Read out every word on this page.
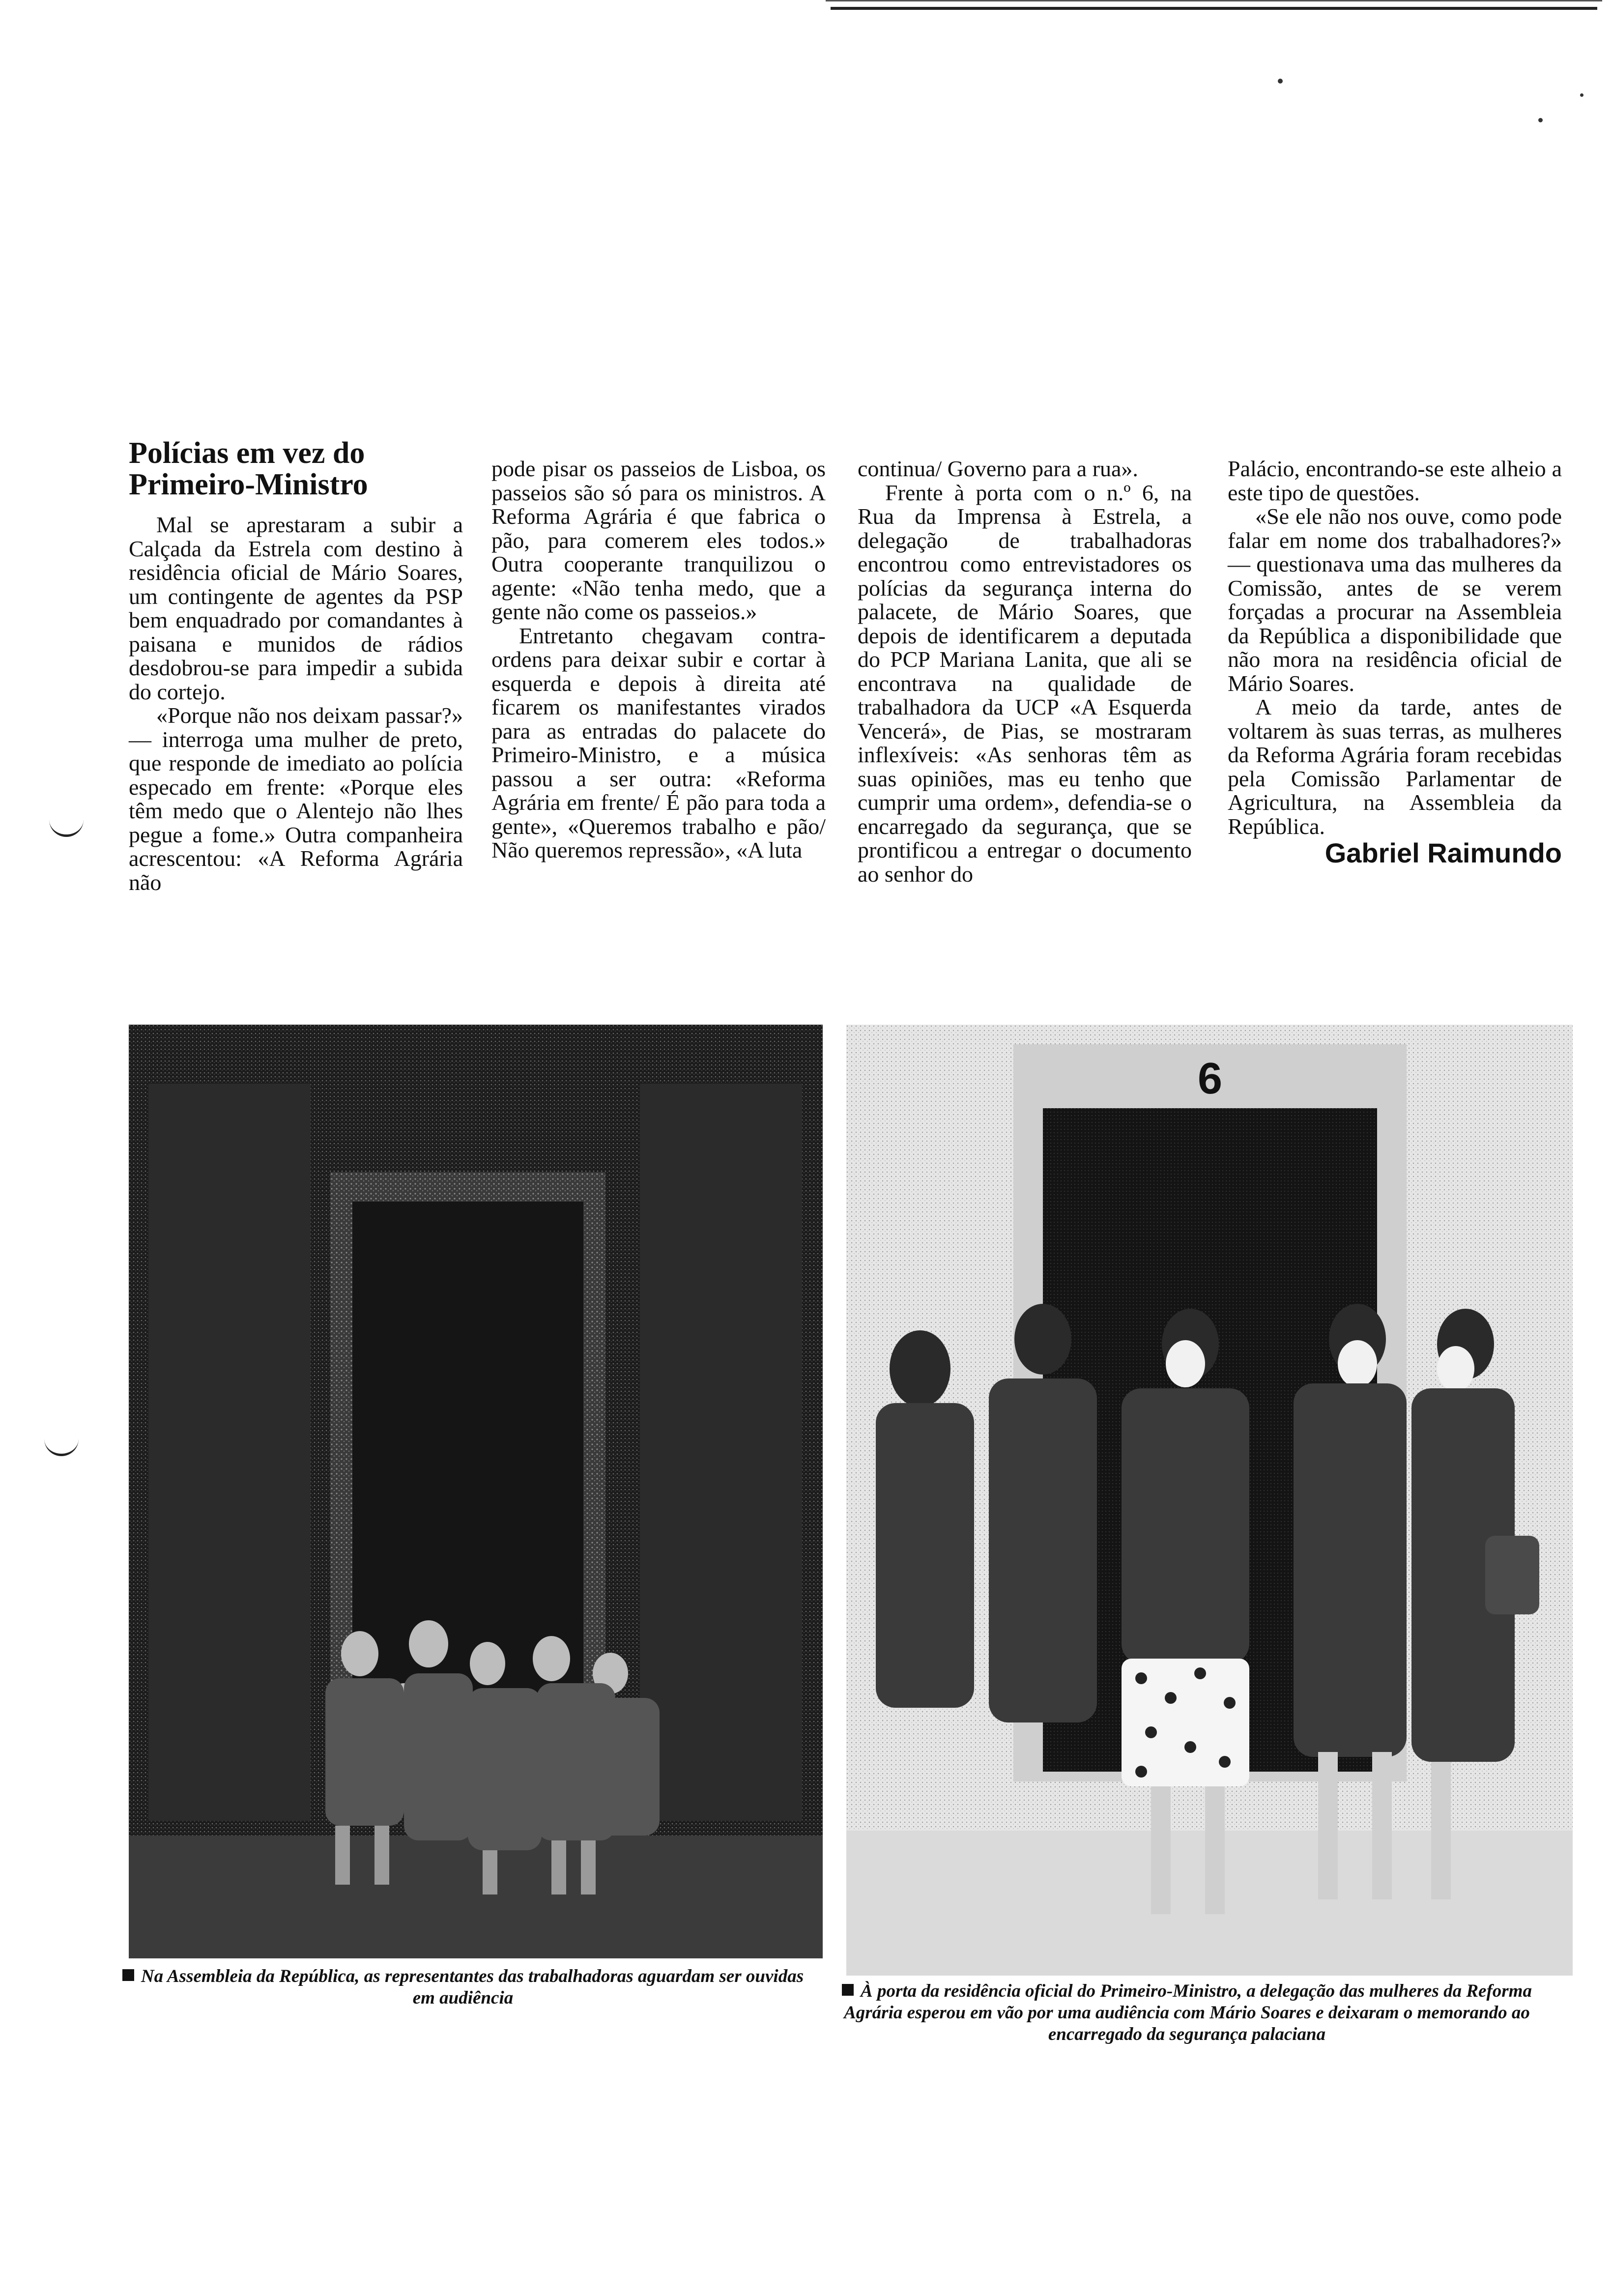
Polícias em vez do Primeiro-Ministro

Mal se aprestaram a subir a Calçada da Estrela com destino à residência oficial de Mário Soares, um contingente de agentes da PSP bem enquadrado por comandantes à paisana e munidos de rádios desdobrou-se para impedir a subida do cortejo.

«Porque não nos deixam passar?» — interroga uma mulher de preto, que responde de imediato ao polícia especado em frente: «Porque eles têm medo que o Alentejo não lhes pegue a fome.» Outra companheira acrescentou: «A Reforma Agrária não

pode pisar os passeios de Lisboa, os passeios são só para os ministros. A Reforma Agrária é que fabrica o pão, para comerem eles todos.» Outra cooperante tranquilizou o agente: «Não tenha medo, que a gente não come os passeios.»

Entretanto chegavam contra-ordens para deixar subir e cortar à esquerda e depois à direita até ficarem os manifestantes virados para as entradas do palacete do Primeiro-Ministro, e a música passou a ser outra: «Reforma Agrária em frente/ É pão para toda a gente», «Queremos trabalho e pão/ Não queremos repressão», «A luta

continua/ Governo para a rua».

Frente à porta com o n.º 6, na Rua da Imprensa à Estrela, a delegação de trabalhadoras encontrou como entrevistadores os polícias da segurança interna do palacete, de Mário Soares, que depois de identificarem a deputada do PCP Mariana Lanita, que ali se encontrava na qualidade de trabalhadora da UCP «A Esquerda Vencerá», de Pias, se mostraram inflexíveis: «As senhoras têm as suas opiniões, mas eu tenho que cumprir uma ordem», defendia-se o encarregado da segurança, que se prontificou a entregar o documento ao senhor do

Palácio, encontrando-se este alheio a este tipo de questões.

«Se ele não nos ouve, como pode falar em nome dos trabalhadores?» — questionava uma das mulheres da Comissão, antes de se verem forçadas a procurar na Assembleia da República a disponibilidade que não mora na residência oficial de Mário Soares.

A meio da tarde, antes de voltarem às suas terras, as mulheres da Reforma Agrária foram recebidas pela Comissão Parlamentar de Agricultura, na Assembleia da República.

Gabriel Raimundo
Na Assembleia da República, as representantes das trabalhadoras aguardam ser ouvidas em audiência
6
À porta da residência oficial do Primeiro-Ministro, a delegação das mulheres da Reforma Agrária esperou em vão por uma audiência com Mário Soares e deixaram o memorando ao encarregado da segurança palaciana
